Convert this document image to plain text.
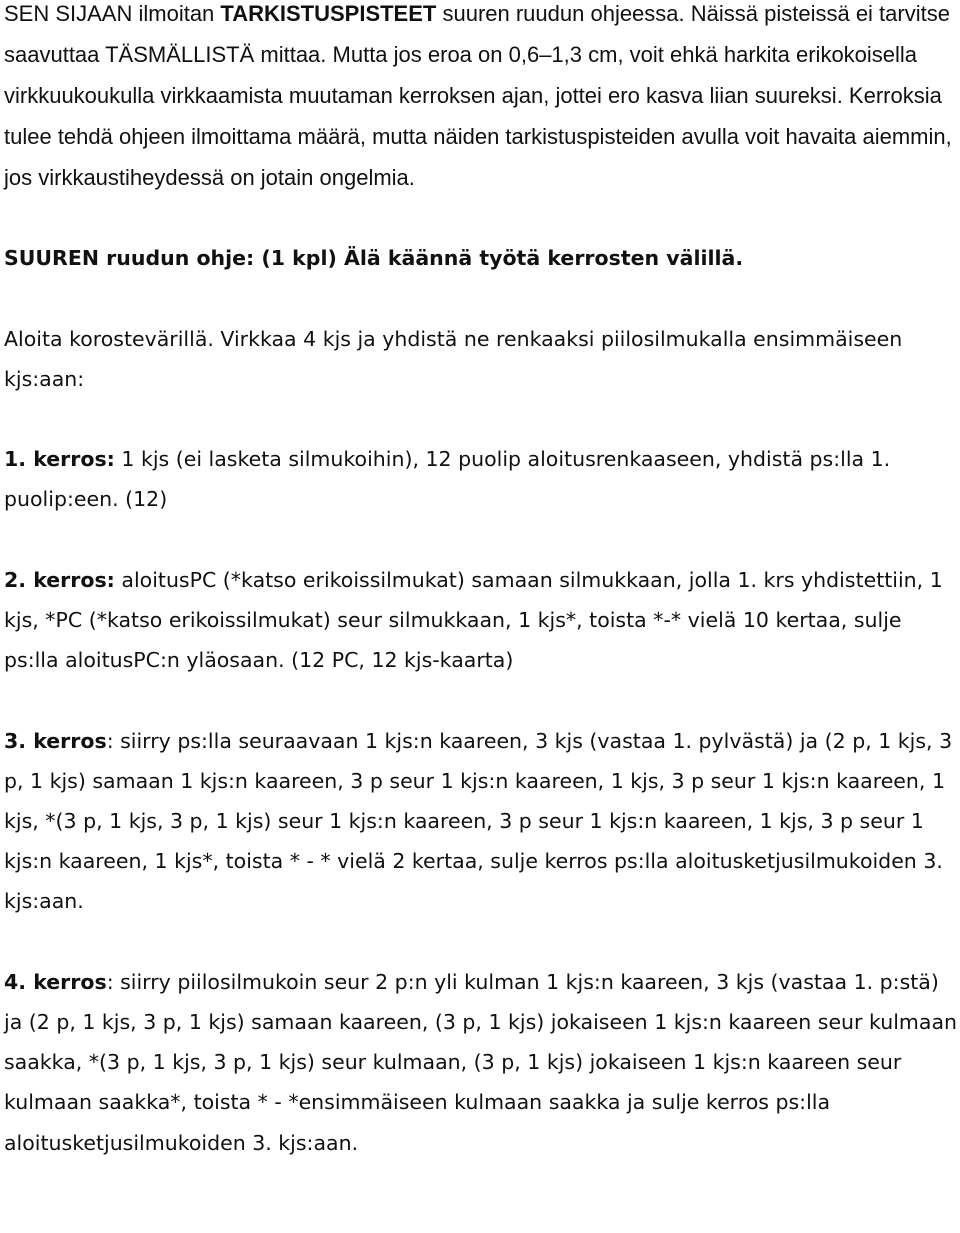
SEN SIJAAN ilmoitan TARKISTUSPISTEET suuren ruudun ohjeessa. Näissä pisteissä ei tarvitse saavuttaa TÄSMÄLLISTÄ mittaa. Mutta jos eroa on 0,6–1,3 cm, voit ehkä harkita erikokoisella virkkuukoukulla virkkaamista muutaman kerroksen ajan, jottei ero kasva liian suureksi. Kerroksia tulee tehdä ohjeen ilmoittama määrä, mutta näiden tarkistuspisteiden avulla voit havaita aiemmin, jos virkkaustiheydessä on jotain ongelmia.

SUUREN ruudun ohje: (1 kpl) Älä käännä työtä kerrosten välillä.

Aloita korostevärillä. Virkkaa 4 kjs ja yhdistä ne renkaaksi piilosilmukalla ensimmäiseen kjs:aan:

1. kerros: 1 kjs (ei lasketa silmukoihin), 12 puolip aloitusrenkaaseen, yhdistä ps:lla 1. puolip:een. (12)

2. kerros: aloitusPC (*katso erikoissilmukat) samaan silmukkaan, jolla 1. krs yhdistettiin, 1 kjs, *PC (*katso erikoissilmukat) seur silmukkaan, 1 kjs*, toista *-* vielä 10 kertaa, sulje ps:lla aloitusPC:n yläosaan. (12 PC, 12 kjs-kaarta)

3. kerros: siirry ps:lla seuraavaan 1 kjs:n kaareen, 3 kjs (vastaa 1. pylvästä) ja (2 p, 1 kjs, 3 p, 1 kjs) samaan 1 kjs:n kaareen, 3 p seur 1 kjs:n kaareen, 1 kjs, 3 p seur 1 kjs:n kaareen, 1 kjs, *(3 p, 1 kjs, 3 p, 1 kjs) seur 1 kjs:n kaareen, 3 p seur 1 kjs:n kaareen, 1 kjs, 3 p seur 1 kjs:n kaareen, 1 kjs*, toista * - * vielä 2 kertaa, sulje kerros ps:lla aloitusketjusilmukoiden 3. kjs:aan.

4. kerros: siirry piilosilmukoin seur 2 p:n yli kulman 1 kjs:n kaareen, 3 kjs (vastaa 1. p:stä) ja (2 p, 1 kjs, 3 p, 1 kjs) samaan kaareen, (3 p, 1 kjs) jokaiseen 1 kjs:n kaareen seur kulmaan saakka, *(3 p, 1 kjs, 3 p, 1 kjs) seur kulmaan, (3 p, 1 kjs) jokaiseen 1 kjs:n kaareen seur kulmaan saakka*, toista * - *ensimmäiseen kulmaan saakka ja sulje kerros ps:lla aloitusketjusilmukoiden 3. kjs:aan.
